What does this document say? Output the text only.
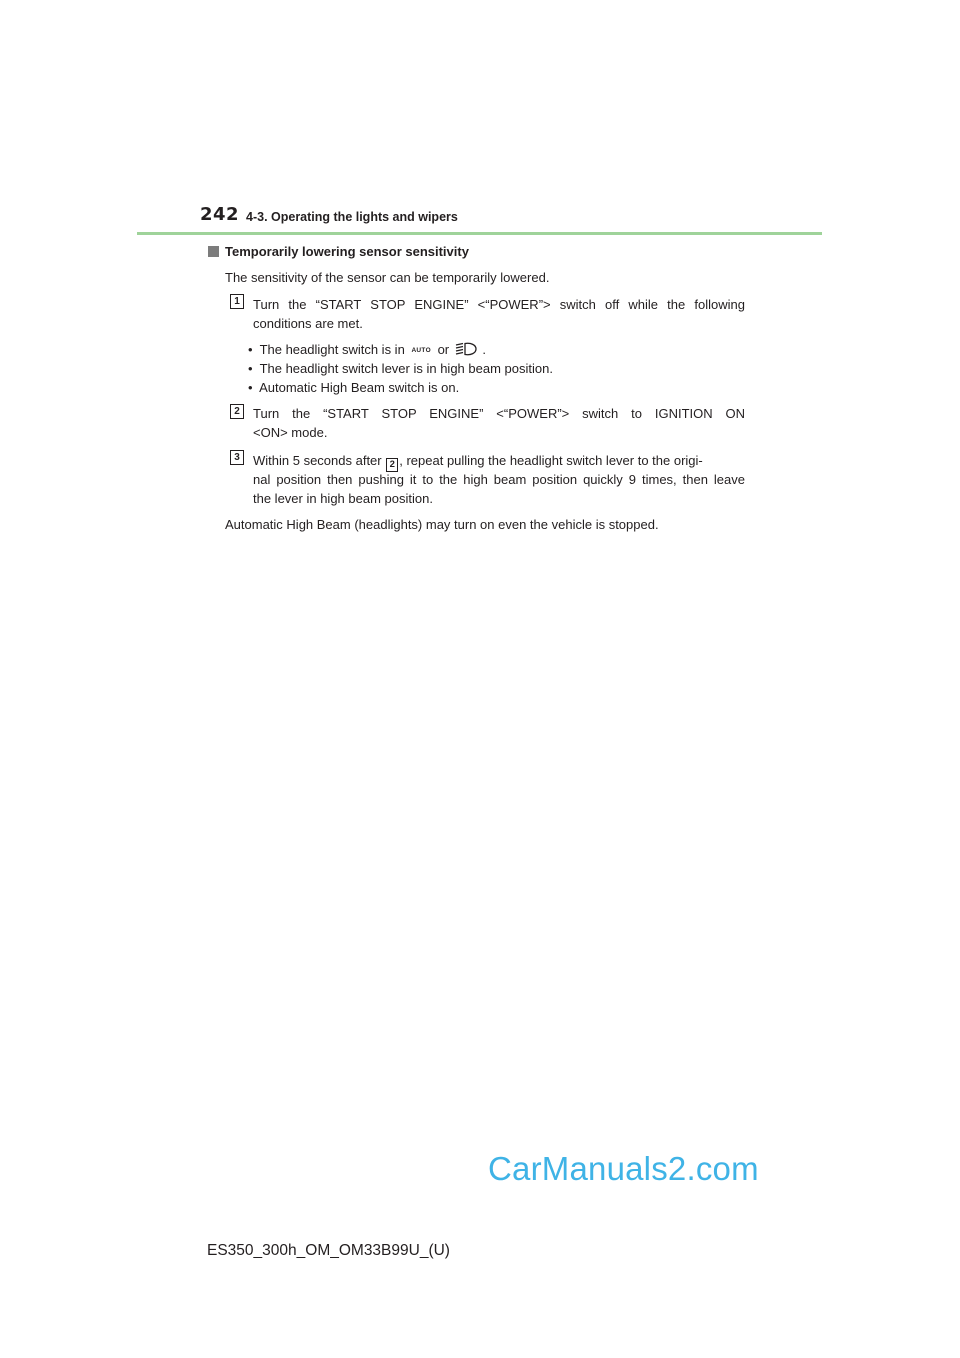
242 4-3. Operating the lights and wipers
Temporarily lowering sensor sensitivity
The sensitivity of the sensor can be temporarily lowered.
1	Turn the “START STOP ENGINE” <“POWER”> switch off while the following
conditions are met.
• The headlight switch is in AUTO or	.
• The headlight switch lever is in high beam position.
• Automatic High Beam switch is on.
2	Turn the “START STOP ENGINE” <“POWER”> switch to IGNITION ON
<ON> mode.
3	Within 5 seconds after 2 , repeat pulling the headlight switch lever to the origi-
nal position then pushing it to the high beam position quickly 9 times, then leave
the lever in high beam position.
Automatic High Beam (headlights) may turn on even the vehicle is stopped.
CarManuals2.com
ES350_300h_OM_OM33B99U_(U)
